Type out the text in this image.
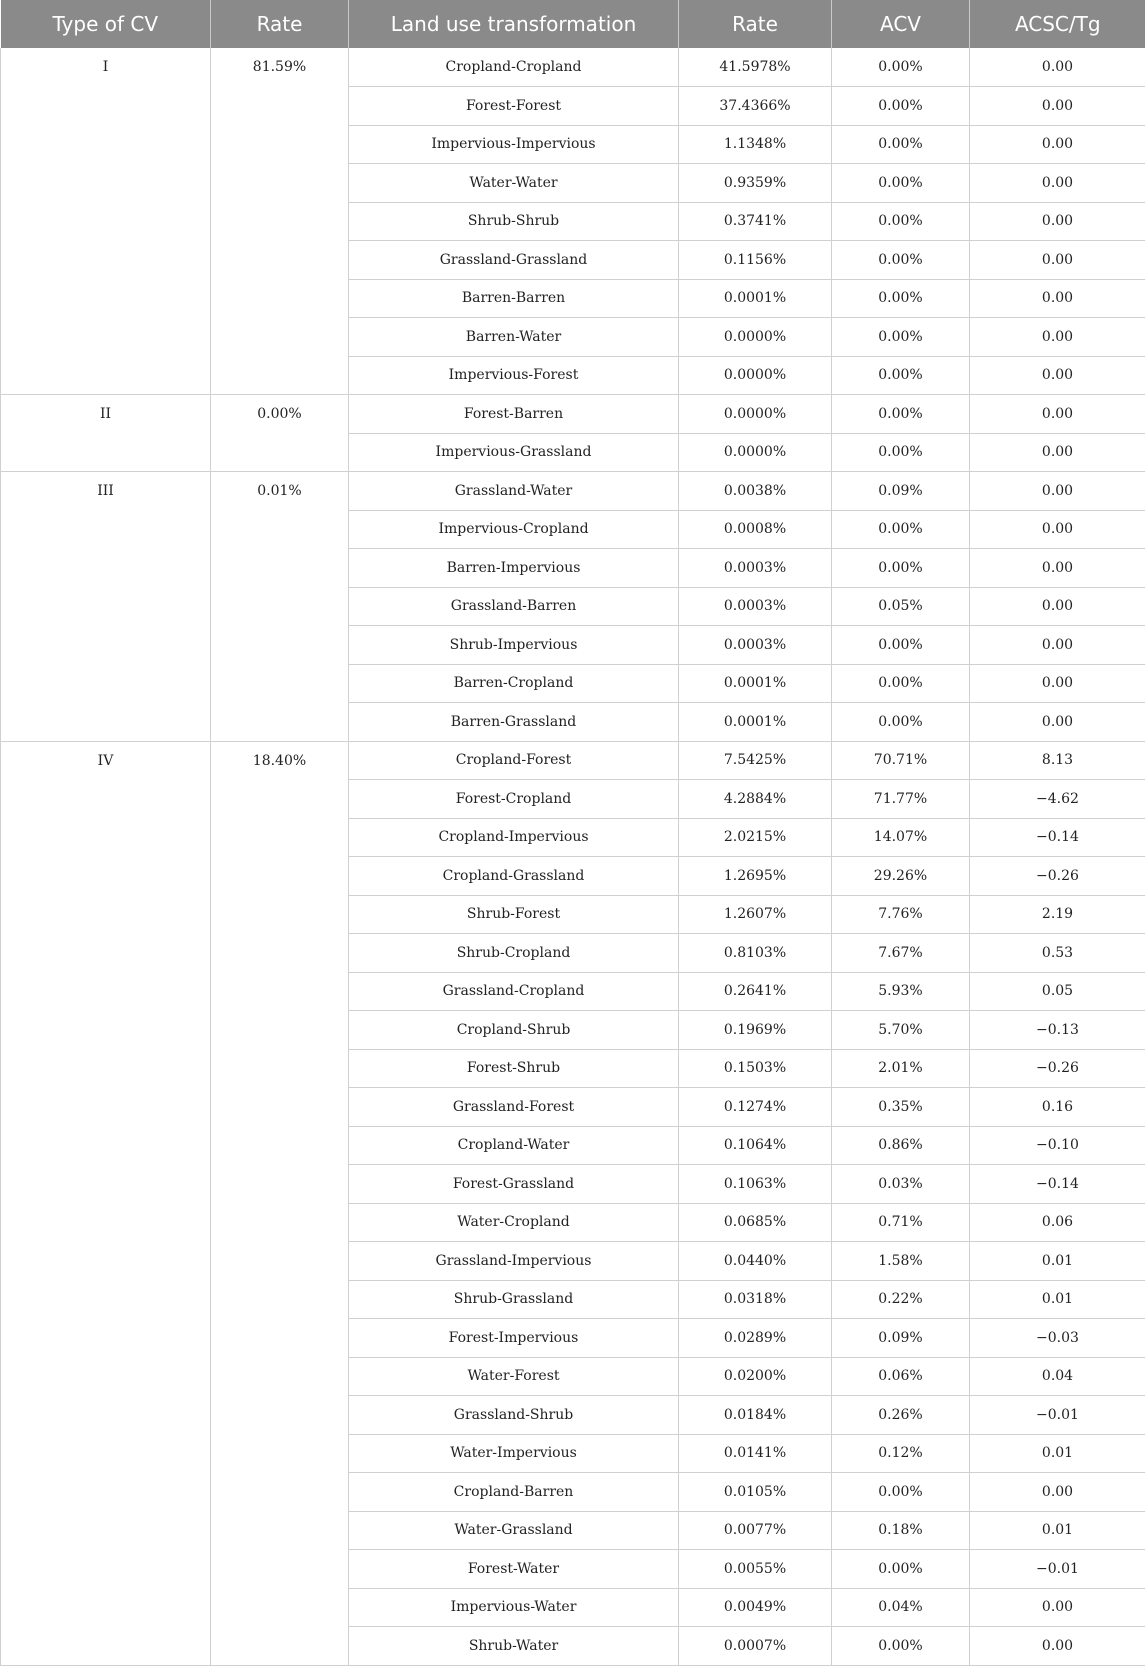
Type of CV	Rate	Land use transformation	Rate	ACV	ACSC/Tg
I	81.59%	Cropland-Cropland	41.5978%	0.00%	0.00
		Forest-Forest	37.4366%	0.00%	0.00
		Impervious-Impervious	1.1348%	0.00%	0.00
		Water-Water	0.9359%	0.00%	0.00
		Shrub-Shrub	0.3741%	0.00%	0.00
		Grassland-Grassland	0.1156%	0.00%	0.00
		Barren-Barren	0.0001%	0.00%	0.00
		Barren-Water	0.0000%	0.00%	0.00
		Impervious-Forest	0.0000%	0.00%	0.00
II	0.00%	Forest-Barren	0.0000%	0.00%	0.00
		Impervious-Grassland	0.0000%	0.00%	0.00
III	0.01%	Grassland-Water	0.0038%	0.09%	0.00
		Impervious-Cropland	0.0008%	0.00%	0.00
		Barren-Impervious	0.0003%	0.00%	0.00
		Grassland-Barren	0.0003%	0.05%	0.00
		Shrub-Impervious	0.0003%	0.00%	0.00
		Barren-Cropland	0.0001%	0.00%	0.00
		Barren-Grassland	0.0001%	0.00%	0.00
IV	18.40%	Cropland-Forest	7.5425%	70.71%	8.13
		Forest-Cropland	4.2884%	71.77%	−4.62
		Cropland-Impervious	2.0215%	14.07%	−0.14
		Cropland-Grassland	1.2695%	29.26%	−0.26
		Shrub-Forest	1.2607%	7.76%	2.19
		Shrub-Cropland	0.8103%	7.67%	0.53
		Grassland-Cropland	0.2641%	5.93%	0.05
		Cropland-Shrub	0.1969%	5.70%	−0.13
		Forest-Shrub	0.1503%	2.01%	−0.26
		Grassland-Forest	0.1274%	0.35%	0.16
		Cropland-Water	0.1064%	0.86%	−0.10
		Forest-Grassland	0.1063%	0.03%	−0.14
		Water-Cropland	0.0685%	0.71%	0.06
		Grassland-Impervious	0.0440%	1.58%	0.01
		Shrub-Grassland	0.0318%	0.22%	0.01
		Forest-Impervious	0.0289%	0.09%	−0.03
		Water-Forest	0.0200%	0.06%	0.04
		Grassland-Shrub	0.0184%	0.26%	−0.01
		Water-Impervious	0.0141%	0.12%	0.01
		Cropland-Barren	0.0105%	0.00%	0.00
		Water-Grassland	0.0077%	0.18%	0.01
		Forest-Water	0.0055%	0.00%	−0.01
		Impervious-Water	0.0049%	0.04%	0.00
		Shrub-Water	0.0007%	0.00%	0.00
